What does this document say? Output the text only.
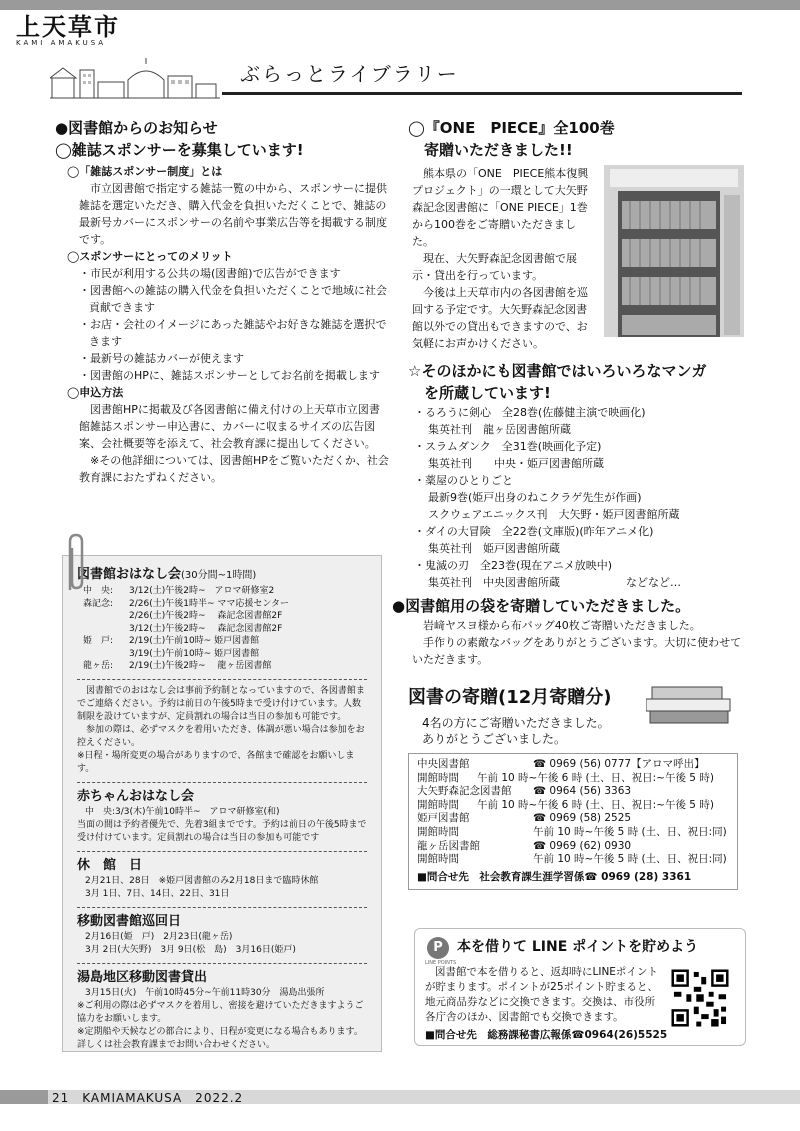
上天草市
KAMI AMAKUSA
ぶらっとライブラリー
●図書館からのお知らせ
◯雑誌スポンサーを募集しています!
◯「雑誌スポンサー制度」とは
市立図書館で指定する雑誌一覧の中から、スポンサーに提供雑誌を選定いただき、購入代金を負担いただくことで、雑誌の最新号カバーにスポンサーの名前や事業広告等を掲載する制度です。
◯スポンサーにとってのメリット
・市民が利用する公共の場(図書館)で広告ができます
・図書館への雑誌の購入代金を負担いただくことで地域に社会貢献できます
・お店・会社のイメージにあった雑誌やお好きな雑誌を選択できます
・最新号の雑誌カバーが使えます
・図書館のHPに、雑誌スポンサーとしてお名前を掲載します
◯申込方法
図書館HPに掲載及び各図書館に備え付けの上天草市立図書館雑誌スポンサー申込書に、カバーに収まるサイズの広告図案、会社概要等を添えて、社会教育課に提出してください。
※その他詳細については、図書館HPをご覧いただくか、社会教育課におたずねください。
図書館おはなし会(30分間~1時間)
中　央:	3/12(土)午後2時~　アロマ研修室2
森記念:	2/26(土)午後1時半~ ママ応援センター
2/26(土)午後2時~　 森記念図書館2F
3/12(土)午後2時~　 森記念図書館2F
姫　戸:	2/19(土)午前10時~ 姫戸図書館
3/19(土)午前10時~ 姫戸図書館
龍ヶ岳:	2/19(土)午後2時~　 龍ヶ岳図書館
図書館でのおはなし会は事前予約制となっていますので、各図書館までご連絡ください。予約は前日の午後5時まで受け付けています。人数制限を設けていますが、定員割れの場合は当日の参加も可能です。
参加の際は、必ずマスクを着用いただき、体調が悪い場合は参加をお控えください。
※日程・場所変更の場合がありますので、各館まで確認をお願いします。
赤ちゃんおはなし会
中　央:3/3(木)午前10時半~　アロマ研修室(和)
当面の間は予約者優先で、先着3組までです。予約は前日の午後5時まで受け付けています。定員割れの場合は当日の参加も可能です
休　館　日
2月21日、28日　※姫戸図書館のみ2月18日まで臨時休館
3月 1日、7日、14日、22日、31日
移動図書館巡回日
2月16日(姫　戸)　2月23日(龍ヶ岳)
3月 2日(大矢野)　3月 9日(松　島)　3月16日(姫戸)
湯島地区移動図書貸出
3月15日(火)　午前10時45分~午前11時30分　湯島出張所
※ご利用の際は必ずマスクを着用し、密接を避けていただきますようご協力をお願いします。
※定期船や天候などの都合により、日程が変更になる場合もあります。詳しくは社会教育課までお問い合わせください。
◯『ONE　PIECE』全100巻
寄贈いただきました!!
熊本県の「ONE　PIECE熊本復興プロジェクト」の一環として大矢野森記念図書館に「ONE PIECE」1巻から100巻をご寄贈いただきました。
現在、大矢野森記念図書館で展示・貸出を行っています。
今後は上天草市内の各図書館を巡回する予定です。大矢野森記念図書館以外での貸出もできますので、お気軽にお声かけください。
☆そのほかにも図書館ではいろいろなマンガ
を所蔵しています!
・るろうに剣心　全28巻(佐藤健主演で映画化)
集英社刊　龍ヶ岳図書館所蔵
・スラムダンク　全31巻(映画化予定)
集英社刊　　中央・姫戸図書館所蔵
・薬屋のひとりごと
最新9巻(姫戸出身のねこクラゲ先生が作画)
スクウェアエニックス刊　大矢野・姫戸図書館所蔵
・ダイの大冒険　全22巻(文庫版)(昨年アニメ化)
集英社刊　姫戸図書館所蔵
・鬼滅の刃　全23巻(現在アニメ放映中)
集英社刊　中央図書館所蔵　　　　　　などなど…
●図書館用の袋を寄贈していただきました。
岩﨑ヤスヨ様から布バッグ40枚ご寄贈いただきました。
手作りの素敵なバッグをありがとうございます。大切に使わせていただきます。
図書の寄贈(12月寄贈分)
4名の方にご寄贈いただきました。
ありがとうございました。
中央図書館	☎ 0969 (56) 0777【アロマ呼出】
開館時間	午前 10 時~午後 6 時 (土、日、祝日:~午後 5 時)
大矢野森記念図書館	☎ 0964 (56) 3363
開館時間	午前 10 時~午後 6 時 (土、日、祝日:~午後 5 時)
姫戸図書館	☎ 0969 (58) 2525
開館時間	午前 10 時~午後 5 時 (土、日、祝日:同)
龍ヶ岳図書館	☎ 0969 (62) 0930
開館時間	午前 10 時~午後 5 時 (土、日、祝日:同)
■問合せ先　社会教育課生涯学習係☎ 0969 (28) 3361
P
LINE POINTS
本を借りて LINE ポイントを貯めよう
図書館で本を借りると、返却時にLINEポイントが貯まります。ポイントが25ポイント貯まると、地元商品券などに交換できます。交換は、市役所各庁舎のほか、図書館でも交換できます。
■問合せ先　総務課秘書広報係☎0964(26)5525
21　KAMIAMAKUSA　2022.2
